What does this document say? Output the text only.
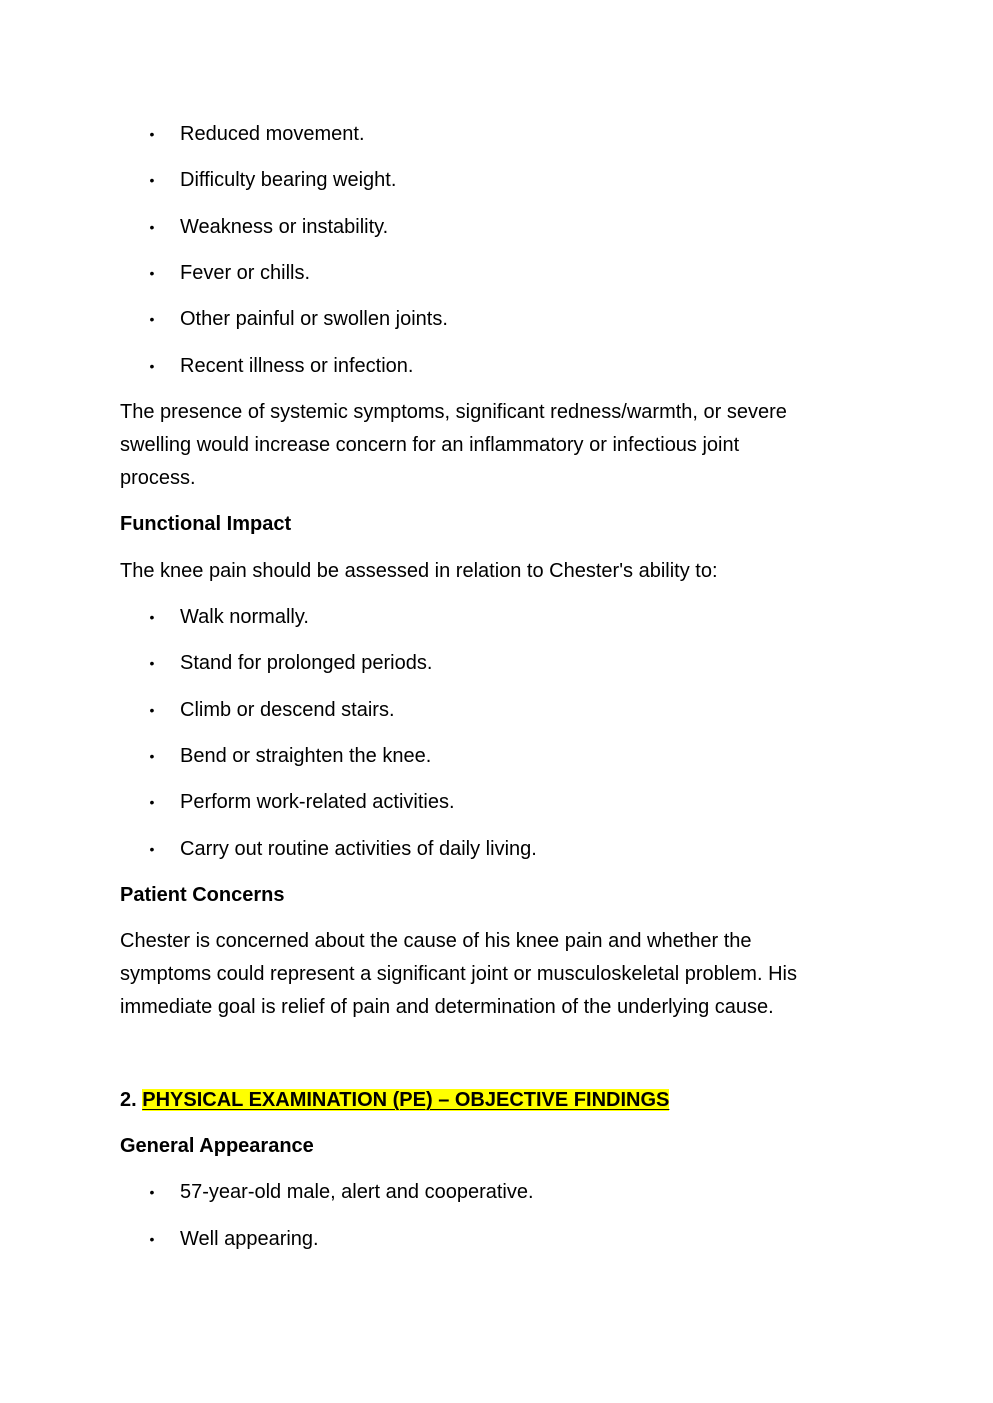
• Reduced movement.
• Difficulty bearing weight.
• Weakness or instability.
• Fever or chills.
• Other painful or swollen joints.
• Recent illness or infection.

The presence of systemic symptoms, significant redness/warmth, or severe

swelling would increase concern for an inflammatory or infectious joint

process.

Functional Impact

The knee pain should be assessed in relation to Chester's ability to:

• Walk normally.
• Stand for prolonged periods.
• Climb or descend stairs.
• Bend or straighten the knee.
• Perform work-related activities.
• Carry out routine activities of daily living.

Patient Concerns

Chester is concerned about the cause of his knee pain and whether the

symptoms could represent a significant joint or musculoskeletal problem. His

immediate goal is relief of pain and determination of the underlying cause.

2. PHYSICAL EXAMINATION (PE) – OBJECTIVE FINDINGS

General Appearance

• 57-year-old male, alert and cooperative.
• Well appearing.
